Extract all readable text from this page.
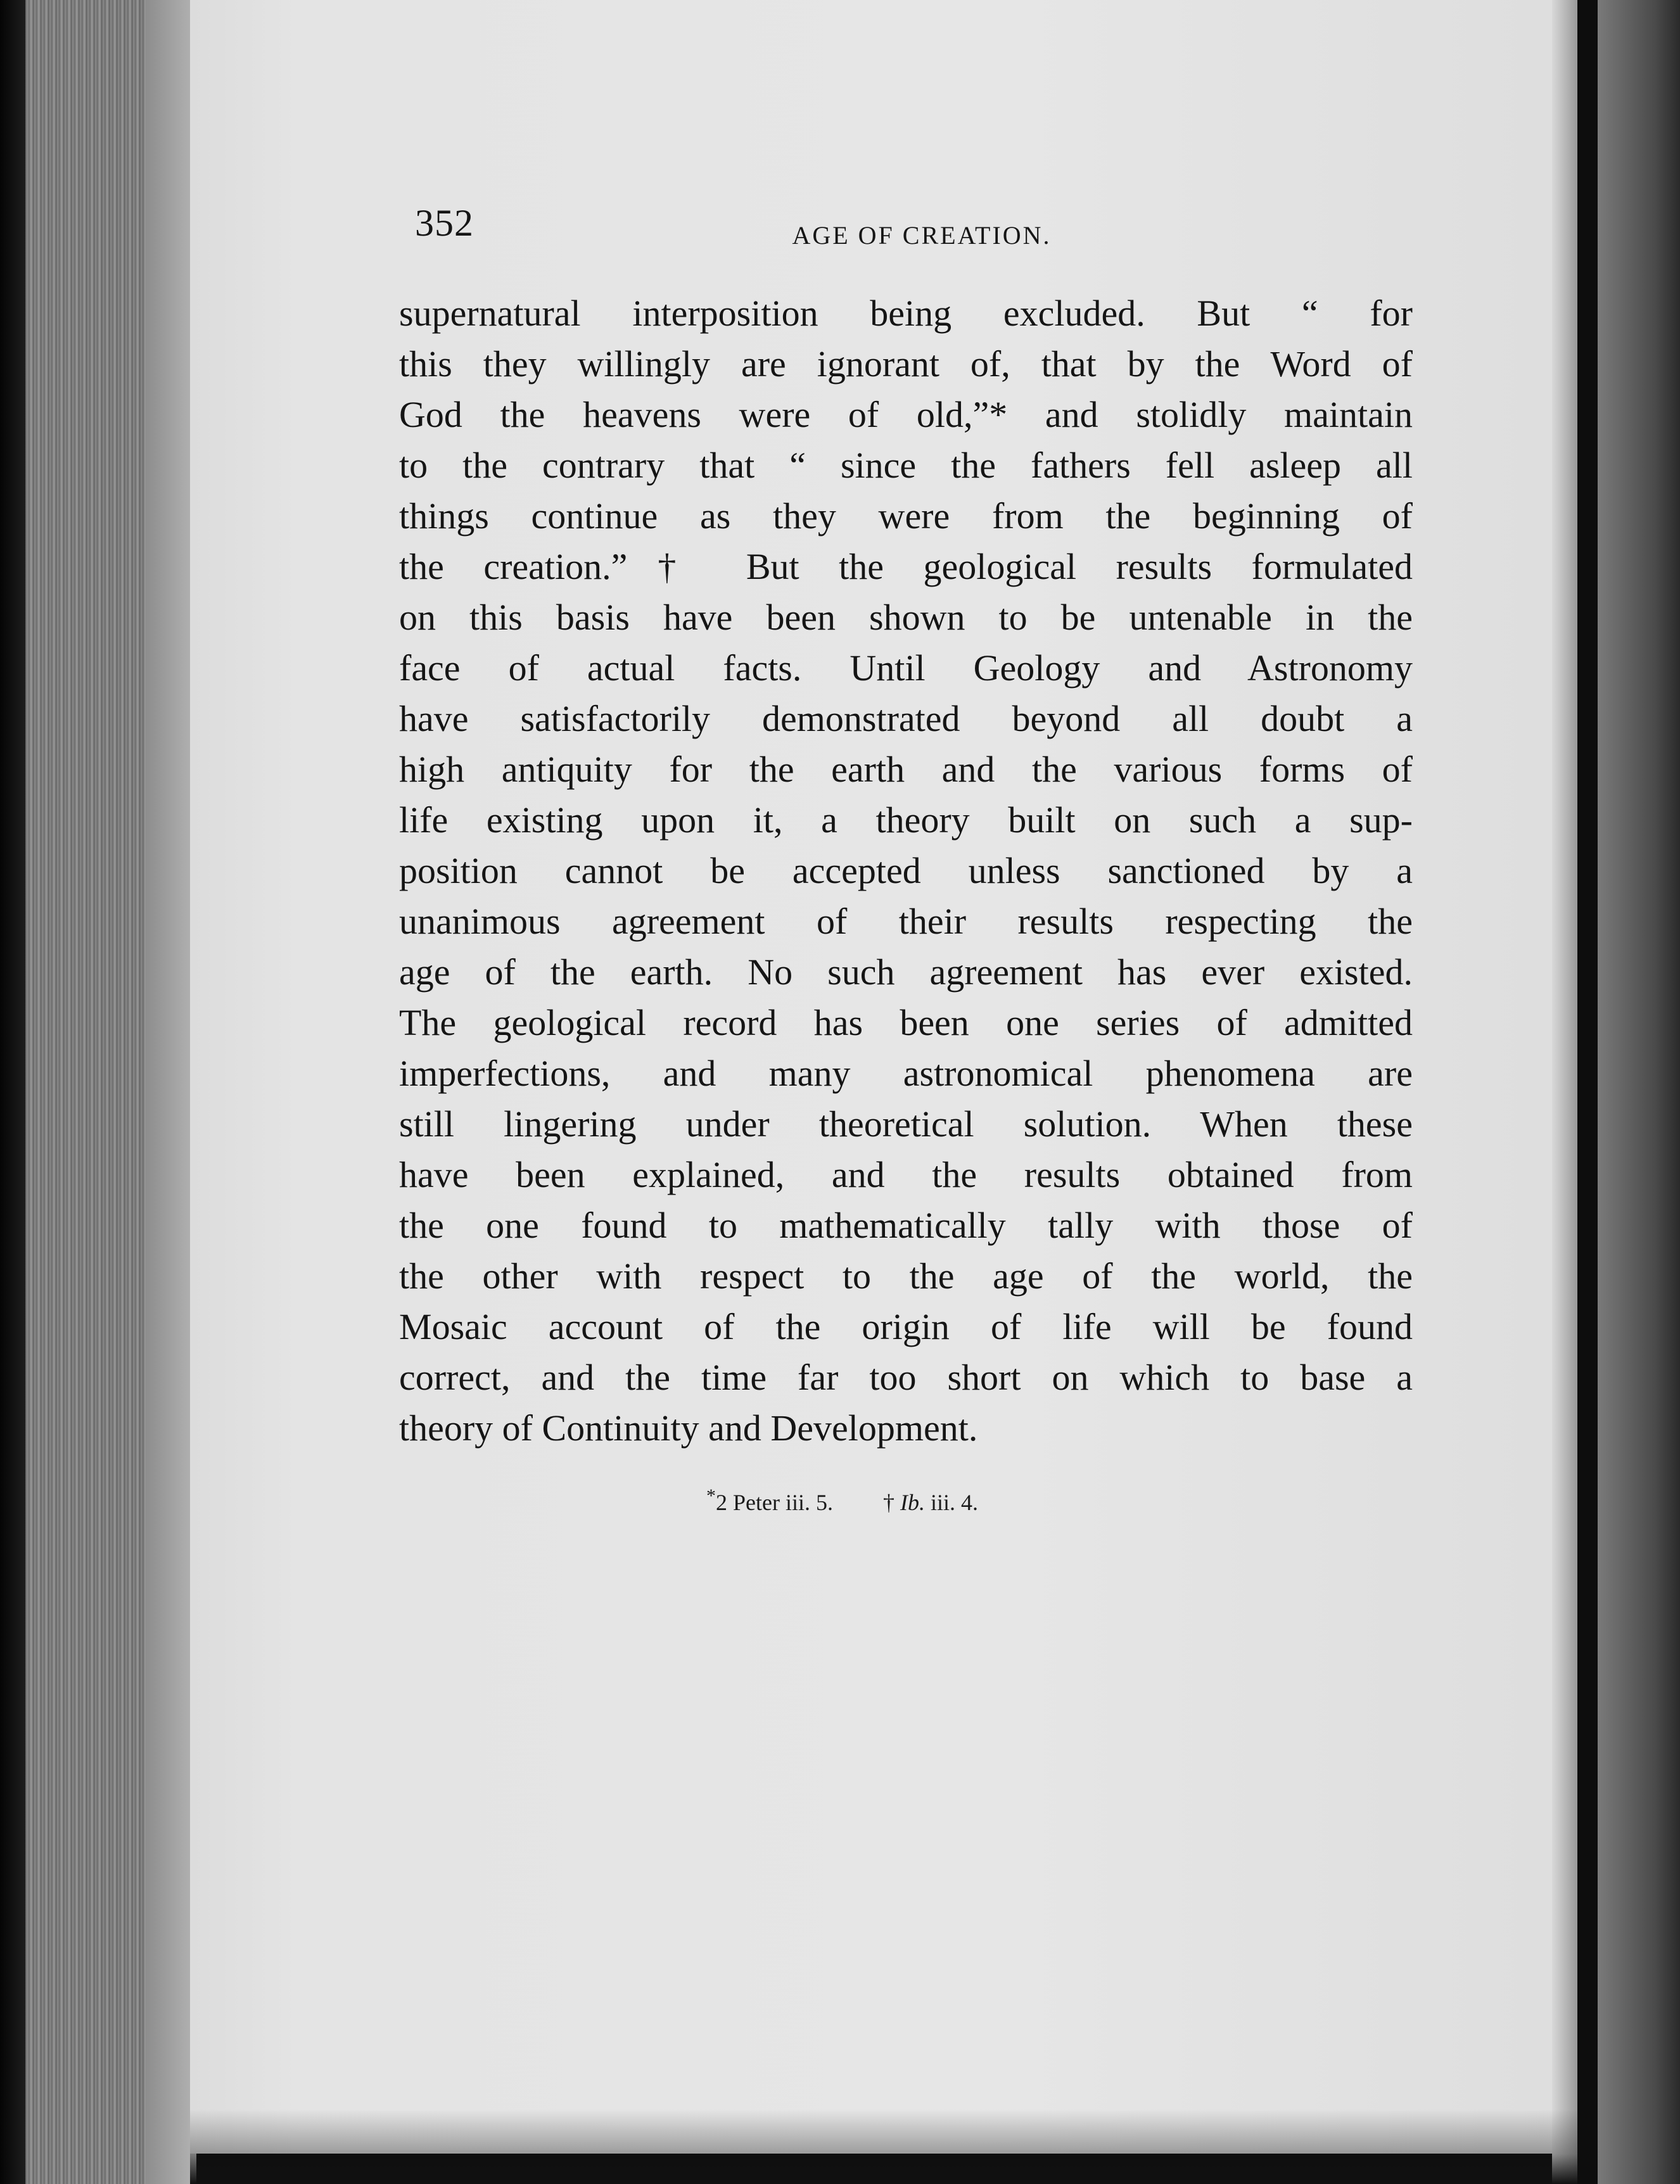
352	AGE OF CREATION.
supernatural interposition being excluded. But “ for
this they willingly are ignorant of, that by the Word of
God the heavens were of old,”* and stolidly maintain
to the contrary that “ since the fathers fell asleep all
things continue as they were from the beginning of
the creation.”† But the geological results formulated
on this basis have been shown to be untenable in the
face of actual facts. Until Geology and Astronomy
have satisfactorily demonstrated beyond all doubt a
high antiquity for the earth and the various forms of
life existing upon it, a theory built on such a sup-
position cannot be accepted unless sanctioned by a
unanimous agreement of their results respecting the
age of the earth. No such agreement has ever existed.
The geological record has been one series of admitted
imperfections, and many astronomical phenomena are
still lingering under theoretical solution. When these
have been explained, and the results obtained from
the one found to mathematically tally with those of
the other with respect to the age of the world, the
Mosaic account of the origin of life will be found
correct, and the time far too short on which to base a
theory of Continuity and Development.
*2 Peter iii. 5. † Ib. iii. 4.
